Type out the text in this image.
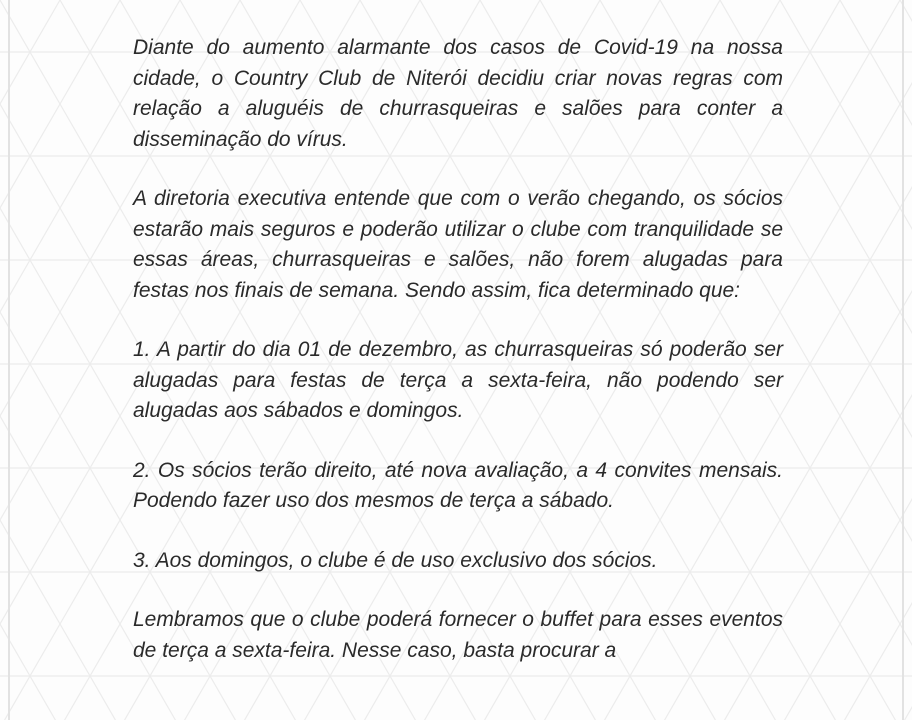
Diante do aumento alarmante dos casos de Covid-19 na nossa cidade, o Country Club de Niterói decidiu criar novas regras com relação a aluguéis de churrasqueiras e salões para conter a disseminação do vírus.

A diretoria executiva entende que com o verão chegando, os sócios estarão mais seguros e poderão utilizar o clube com tranquilidade se essas áreas, churrasqueiras e salões, não forem alugadas para festas nos finais de semana. Sendo assim, fica determinado que:

1. A partir do dia 01 de dezembro, as churrasqueiras só poderão ser alugadas para festas de terça a sexta-feira, não podendo ser alugadas aos sábados e domingos.

2. Os sócios terão direito, até nova avaliação, a 4 convites mensais. Podendo fazer uso dos mesmos de terça a sábado.

3. Aos domingos, o clube é de uso exclusivo dos sócios.

Lembramos que o clube poderá fornecer o buffet para esses eventos de terça a sexta-feira. Nesse caso, basta procurar a
